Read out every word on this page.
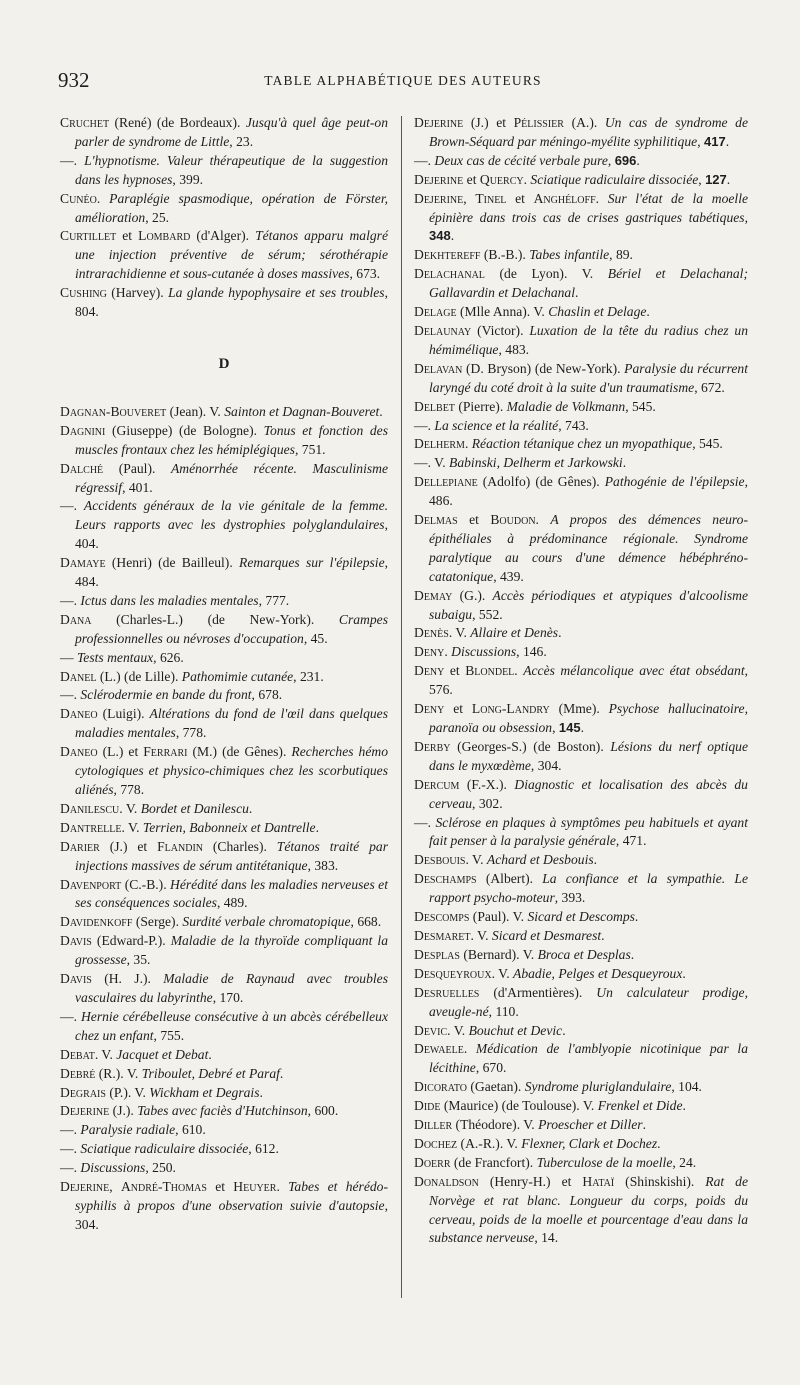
932	TABLE ALPHABÉTIQUE DES AUTEURS

Cruchet (René) (de Bordeaux). Jusqu'à quel âge peut-on parler de syndrome de Little, 23.

—. L'hypnotisme. Valeur thérapeutique de la suggestion dans les hypnoses, 399.

Cunéo. Paraplégie spasmodique, opération de Förster, amélioration, 25.

Curtillet et Lombard (d'Alger). Tétanos apparu malgré une injection préventive de sérum; sérothérapie intrarachidienne et sous-cutanée à doses massives, 673.

Cushing (Harvey). La glande hypophysaire et ses troubles, 804.

D

Dagnan-Bouveret (Jean). V. Sainton et Dagnan-Bouveret.

Dagnini (Giuseppe) (de Bologne). Tonus et fonction des muscles frontaux chez les hémiplégiques, 751.

Dalché (Paul). Aménorrhée récente. Masculinisme régressif, 401.

—. Accidents généraux de la vie génitale de la femme. Leurs rapports avec les dystrophies polyglandulaires, 404.

Damaye (Henri) (de Bailleul). Remarques sur l'épilepsie, 484.

—. Ictus dans les maladies mentales, 777.

Dana (Charles-L.) (de New-York). Crampes professionnelles ou névroses d'occupation, 45.

— Tests mentaux, 626.

Danel (L.) (de Lille). Pathomimie cutanée, 231.

—. Sclérodermie en bande du front, 678.

Daneo (Luigi). Altérations du fond de l'œil dans quelques maladies mentales, 778.

Daneo (L.) et Ferrari (M.) (de Gênes). Recherches hémo cytologiques et physico-chimiques chez les scorbutiques aliénés, 778.

Danilescu. V. Bordet et Danilescu.

Dantrelle. V. Terrien, Babonneix et Dantrelle.

Darier (J.) et Flandin (Charles). Tétanos traité par injections massives de sérum antitétanique, 383.

Davenport (C.-B.). Hérédité dans les maladies nerveuses et ses conséquences sociales, 489.

Davidenkoff (Serge). Surdité verbale chromatopique, 668.

Davis (Edward-P.). Maladie de la thyroïde compliquant la grossesse, 35.

Davis (H. J.). Maladie de Raynaud avec troubles vasculaires du labyrinthe, 170.

—. Hernie cérébelleuse consécutive à un abcès cérébelleux chez un enfant, 755.

Debat. V. Jacquet et Debat.

Debré (R.). V. Triboulet, Debré et Paraf.

Degrais (P.). V. Wickham et Degrais.

Dejerine (J.). Tabes avec faciès d'Hutchinson, 600.

—. Paralysie radiale, 610.

—. Sciatique radiculaire dissociée, 612.

—. Discussions, 250.

Dejerine, André-Thomas et Heuyer. Tabes et hérédo-syphilis à propos d'une observation suivie d'autopsie, 304.

Dejerine (J.) et Pélissier (A.). Un cas de syndrome de Brown-Séquard par méningo-myélite syphilitique, 417.

—. Deux cas de cécité verbale pure, 696.

Dejerine et Quercy. Sciatique radiculaire dissociée, 127.

Dejerine, Tinel et Anghéloff. Sur l'état de la moelle épinière dans trois cas de crises gastriques tabétiques, 348.

Dekhtereff (B.-B.). Tabes infantile, 89.

Delachanal (de Lyon). V. Bériel et Delachanal; Gallavardin et Delachanal.

Delage (Mlle Anna). V. Chaslin et Delage.

Delaunay (Victor). Luxation de la tête du radius chez un hémimélique, 483.

Delavan (D. Bryson) (de New-York). Paralysie du récurrent laryngé du coté droit à la suite d'un traumatisme, 672.

Delbet (Pierre). Maladie de Volkmann, 545.

—. La science et la réalité, 743.

Delherm. Réaction tétanique chez un myopathique, 545.

—. V. Babinski, Delherm et Jarkowski.

Dellepiane (Adolfo) (de Gênes). Pathogénie de l'épilepsie, 486.

Delmas et Boudon. A propos des démences neuro-épithéliales à prédominance régionale. Syndrome paralytique au cours d'une démence hébéphréno-catatonique, 439.

Demay (G.). Accès périodiques et atypiques d'alcoolisme subaigu, 552.

Denès. V. Allaire et Denès.

Deny. Discussions, 146.

Deny et Blondel. Accès mélancolique avec état obsédant, 576.

Deny et Long-Landry (Mme). Psychose hallucinatoire, paranoïa ou obsession, 145.

Derby (Georges-S.) (de Boston). Lésions du nerf optique dans le myxœdème, 304.

Dercum (F.-X.). Diagnostic et localisation des abcès du cerveau, 302.

—. Sclérose en plaques à symptômes peu habituels et ayant fait penser à la paralysie générale, 471.

Desbouis. V. Achard et Desbouis.

Deschamps (Albert). La confiance et la sympathie. Le rapport psycho-moteur, 393.

Descomps (Paul). V. Sicard et Descomps.

Desmaret. V. Sicard et Desmarest.

Desplas (Bernard). V. Broca et Desplas.

Desqueyroux. V. Abadie, Pelges et Desqueyroux.

Desruelles (d'Armentières). Un calculateur prodige, aveugle-né, 110.

Devic. V. Bouchut et Devic.

Dewaele. Médication de l'amblyopie nicotinique par la lécithine, 670.

Dicorato (Gaetan). Syndrome pluriglandulaire, 104.

Dide (Maurice) (de Toulouse). V. Frenkel et Dide.

Diller (Théodore). V. Proescher et Diller.

Dochez (A.-R.). V. Flexner, Clark et Dochez.

Doerr (de Francfort). Tuberculose de la moelle, 24.

Donaldson (Henry-H.) et Hataï (Shinskishi). Rat de Norvège et rat blanc. Longueur du corps, poids du cerveau, poids de la moelle et pourcentage d'eau dans la substance nerveuse, 14.
